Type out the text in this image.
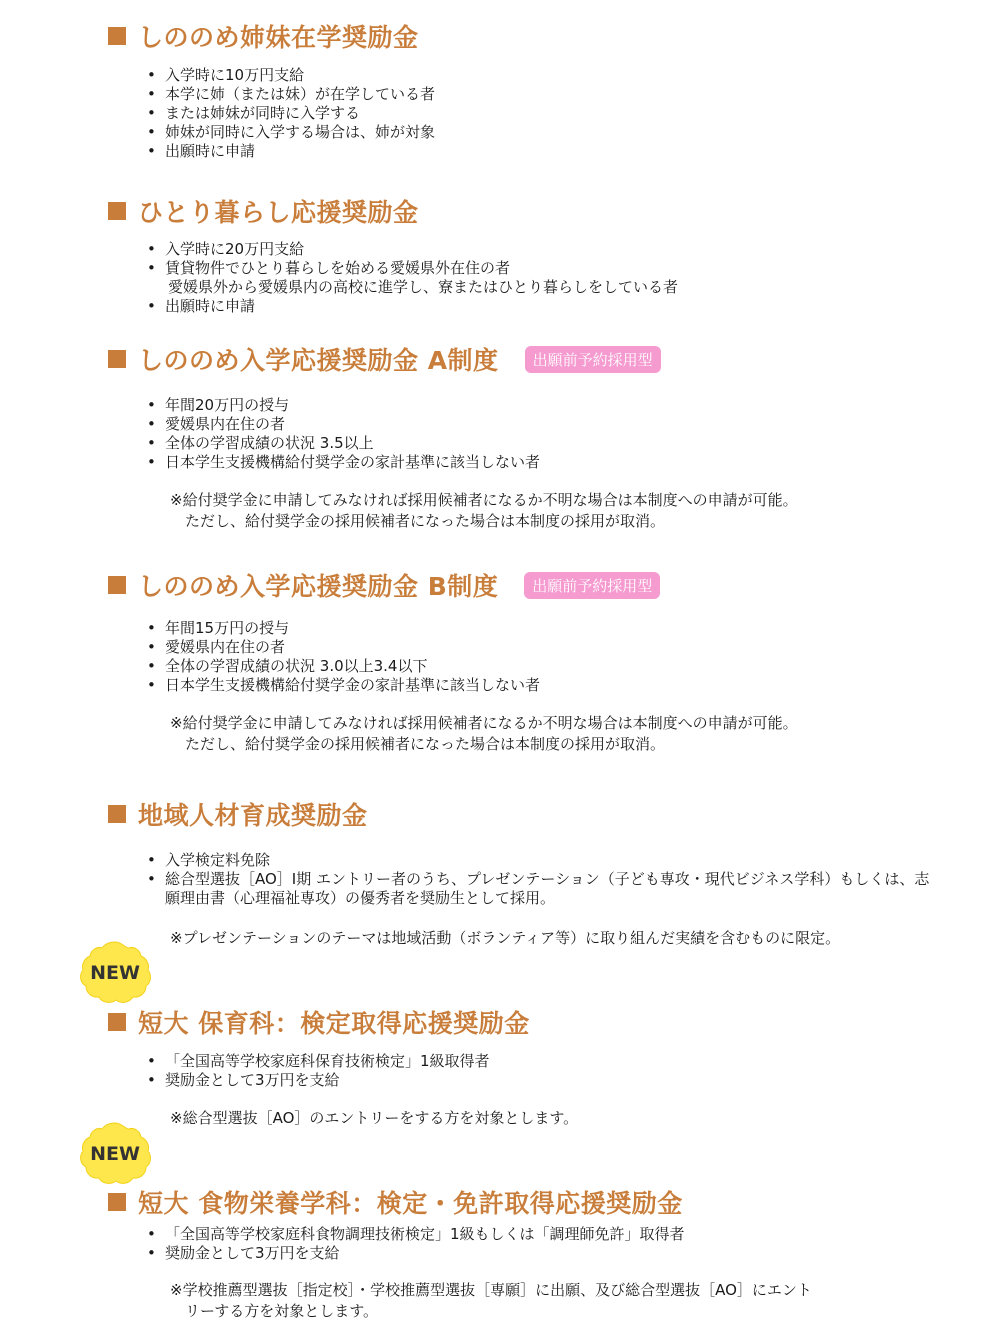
しののめ姉妹在学奨励金
• 入学時に10万円支給
• 本学に姉（または妹）が在学している者
• または姉妹が同時に入学する
• 姉妹が同時に入学する場合は、姉が対象
• 出願時に申請
ひとり暮らし応援奨励金
• 入学時に20万円支給
• 賃貸物件でひとり暮らしを始める愛媛県外在住の者
愛媛県外から愛媛県内の高校に進学し、寮またはひとり暮らしをしている者
• 出願時に申請
しののめ入学応援奨励金 A制度	出願前予約採用型
• 年間20万円の授与
• 愛媛県内在住の者
• 全体の学習成績の状況 3.5以上
• 日本学生支援機構給付奨学金の家計基準に該当しない者
※給付奨学金に申請してみなければ採用候補者になるか不明な場合は本制度への申請が可能。
　ただし、給付奨学金の採用候補者になった場合は本制度の採用が取消。
しののめ入学応援奨励金 B制度	出願前予約採用型
• 年間15万円の授与
• 愛媛県内在住の者
• 全体の学習成績の状況 3.0以上3.4以下
• 日本学生支援機構給付奨学金の家計基準に該当しない者
※給付奨学金に申請してみなければ採用候補者になるか不明な場合は本制度への申請が可能。
　ただし、給付奨学金の採用候補者になった場合は本制度の採用が取消。
地域人材育成奨励金
• 入学検定料免除
• 総合型選抜［AO］Ⅰ期 エントリー者のうち、プレゼンテーション（子ども専攻・現代ビジネス学科）もしくは、志願理由書（心理福祉専攻）の優秀者を奨励生として採用。
※プレゼンテーションのテーマは地域活動（ボランティア等）に取り組んだ実績を含むものに限定。
NEW
短大 保育科：検定取得応援奨励金
• 「全国高等学校家庭科保育技術検定」1級取得者
• 奨励金として3万円を支給
※総合型選抜［AO］のエントリーをする方を対象とします。
NEW
短大 食物栄養学科：検定・免許取得応援奨励金
• 「全国高等学校家庭科食物調理技術検定」1級もしくは「調理師免許」取得者
• 奨励金として3万円を支給
※学校推薦型選抜［指定校］・学校推薦型選抜［専願］に出願、及び総合型選抜［AO］にエント
　リーする方を対象とします。
